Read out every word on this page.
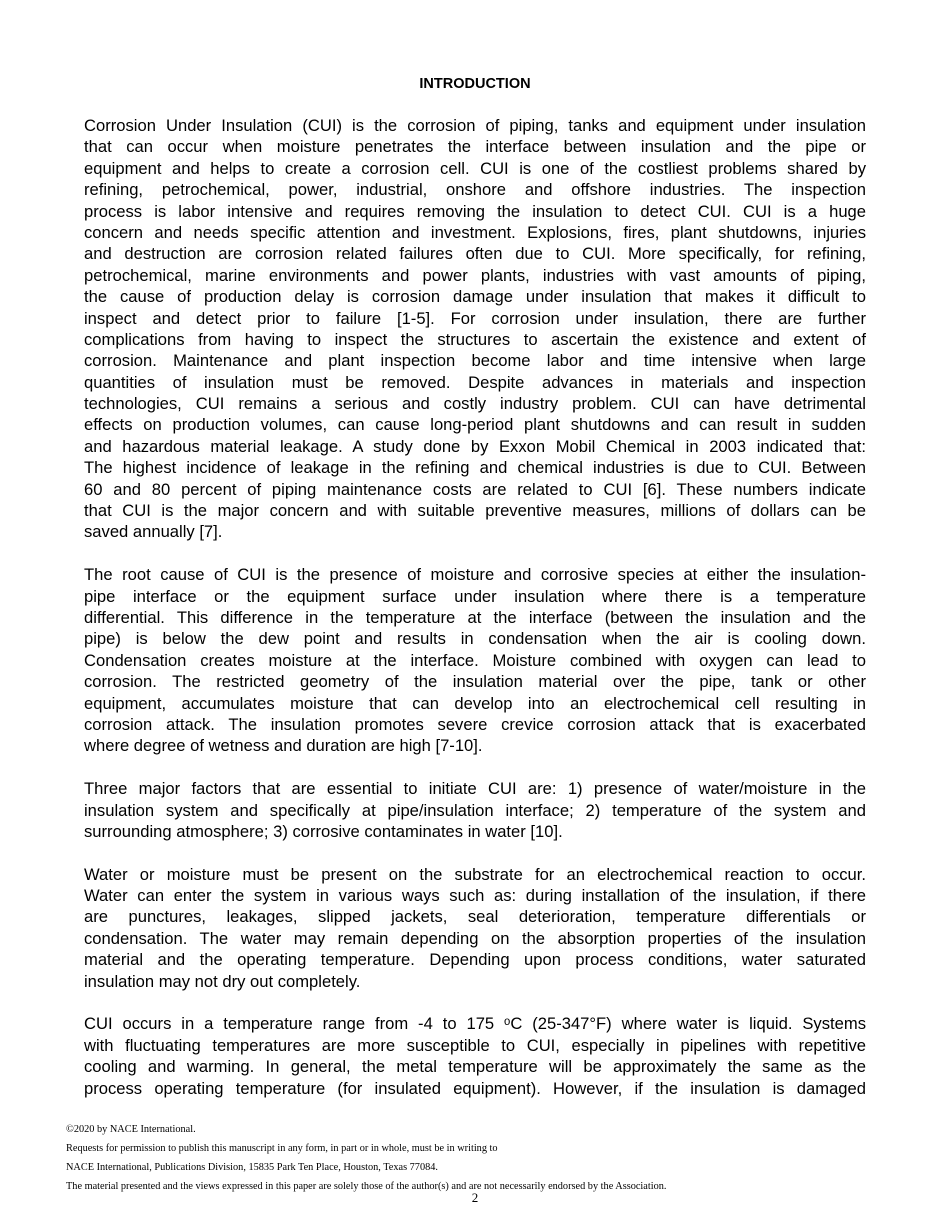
INTRODUCTION
Corrosion Under Insulation (CUI) is the corrosion of piping, tanks and equipment under insulation
that can occur when moisture penetrates the interface between insulation and the pipe or
equipment and helps to create a corrosion cell. CUI is one of the costliest problems shared by
refining, petrochemical, power, industrial, onshore and offshore industries. The inspection
process is labor intensive and requires removing the insulation to detect CUI. CUI is a huge
concern and needs specific attention and investment. Explosions, fires, plant shutdowns, injuries
and destruction are corrosion related failures often due to CUI. More specifically, for refining,
petrochemical, marine environments and power plants, industries with vast amounts of piping,
the cause of production delay is corrosion damage under insulation that makes it difficult to
inspect and detect prior to failure [1-5]. For corrosion under insulation, there are further
complications from having to inspect the structures to ascertain the existence and extent of
corrosion. Maintenance and plant inspection become labor and time intensive when large
quantities of insulation must be removed. Despite advances in materials and inspection
technologies, CUI remains a serious and costly industry problem. CUI can have detrimental
effects on production volumes, can cause long-period plant shutdowns and can result in sudden
and hazardous material leakage. A study done by Exxon Mobil Chemical in 2003 indicated that:
The highest incidence of leakage in the refining and chemical industries is due to CUI. Between
60 and 80 percent of piping maintenance costs are related to CUI [6]. These numbers indicate
that CUI is the major concern and with suitable preventive measures, millions of dollars can be
saved annually [7].
The root cause of CUI is the presence of moisture and corrosive species at either the insulation-
pipe interface or the equipment surface under insulation where there is a temperature
differential. This difference in the temperature at the interface (between the insulation and the
pipe) is below the dew point and results in condensation when the air is cooling down.
Condensation creates moisture at the interface. Moisture combined with oxygen can lead to
corrosion. The restricted geometry of the insulation material over the pipe, tank or other
equipment, accumulates moisture that can develop into an electrochemical cell resulting in
corrosion attack. The insulation promotes severe crevice corrosion attack that is exacerbated
where degree of wetness and duration are high [7-10].
Three major factors that are essential to initiate CUI are: 1) presence of water/moisture in the
insulation system and specifically at pipe/insulation interface; 2) temperature of the system and
surrounding atmosphere; 3) corrosive contaminates in water [10].
Water or moisture must be present on the substrate for an electrochemical reaction to occur.
Water can enter the system in various ways such as: during installation of the insulation, if there
are punctures, leakages, slipped jackets, seal deterioration, temperature differentials or
condensation. The water may remain depending on the absorption properties of the insulation
material and the operating temperature. Depending upon process conditions, water saturated
insulation may not dry out completely.
CUI occurs in a temperature range from -4 to 175 ᵒC (25-347°F) where water is liquid. Systems
with fluctuating temperatures are more susceptible to CUI, especially in pipelines with repetitive
cooling and warming. In general, the metal temperature will be approximately the same as the
process operating temperature (for insulated equipment). However, if the insulation is damaged
©2020 by NACE International.
Requests for permission to publish this manuscript in any form, in part or in whole, must be in writing to
NACE International, Publications Division, 15835 Park Ten Place, Houston, Texas 77084.
The material presented and the views expressed in this paper are solely those of the author(s) and are not necessarily endorsed by the Association.
2
